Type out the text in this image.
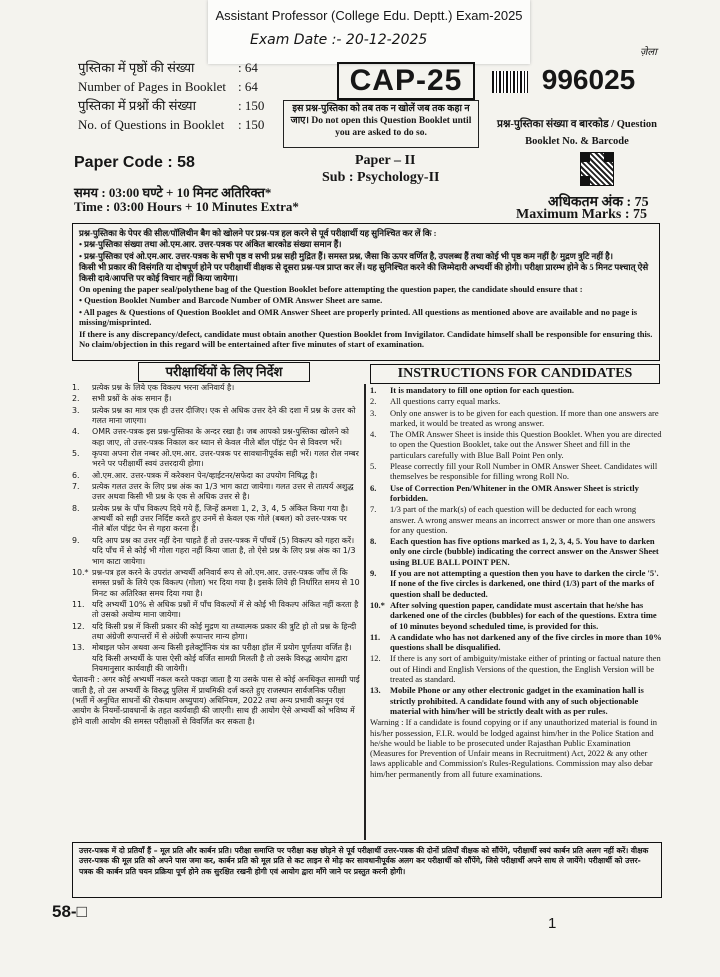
Assistant Professor (College Edu. Deptt.) Exam-2025
Exam Date :- 20-12-2025
ज़ेला
पुस्तिका में पृष्ठों की संख्या	: 64
Number of Pages in Booklet : 64
पुस्तिका में प्रश्नों की संख्या	: 150
No. of Questions in Booklet	: 150
CAP-25
इस प्रश्न-पुस्तिका को तब तक न खोलें जब तक कहा न जाए। Do not open this Question Booklet until you are asked to do so.
996025
प्रश्न-पुस्तिका संख्या व बारकोड / Question Booklet No. & Barcode
Paper Code : 58	Paper – II
Sub : Psychology-II
समय : 03:00 घण्टे + 10 मिनट अतिरिक्त*
Time : 03:00 Hours + 10 Minutes Extra*	अधिकतम अंक : 75
Maximum Marks : 75

प्रश्न-पुस्तिका के पेपर की सील/पॉलिथीन बैग को खोलने पर प्रश्न-पत्र हल करने से पूर्व परीक्षार्थी यह सुनिश्चित कर लें कि :

• प्रश्न-पुस्तिका संख्या तथा ओ.एम.आर. उत्तर-पत्रक पर अंकित बारकोड संख्या समान हैं।

• प्रश्न-पुस्तिका एवं ओ.एम.आर. उत्तर-पत्रक के सभी पृष्ठ व सभी प्रश्न सही मुद्रित हैं। समस्त प्रश्न, जैसा कि ऊपर वर्णित है, उपलब्ध हैं तथा कोई भी पृष्ठ कम नहीं है/ मुद्रण त्रुटि नहीं है।

किसी भी प्रकार की विसंगति या दोषपूर्ण होने पर परीक्षार्थी वीक्षक से दूसरा प्रश्न-पत्र प्राप्त कर लें। यह सुनिश्चित करने की जिम्मेदारी अभ्यर्थी की होगी। परीक्षा प्रारम्भ होने के 5 मिनट पश्चात् ऐसे किसी दावे/आपत्ति पर कोई विचार नहीं किया जायेगा।

On opening the paper seal/polythene bag of the Question Booklet before attempting the question paper, the candidate should ensure that :

• Question Booklet Number and Barcode Number of OMR Answer Sheet are same.

• All pages & Questions of Question Booklet and OMR Answer Sheet are properly printed. All questions as mentioned above are available and no page is missing/misprinted.

If there is any discrepancy/defect, candidate must obtain another Question Booklet from Invigilator. Candidate himself shall be responsible for ensuring this. No claim/objection in this regard will be entertained after five minutes of start of examination.

परीक्षार्थियों के लिए निर्देश	INSTRUCTIONS FOR CANDIDATES
1.	प्रत्येक प्रश्न के लिये एक विकल्प भरना अनिवार्य है।
2.	सभी प्रश्नों के अंक समान हैं।
3.	प्रत्येक प्रश्न का मात्र एक ही उत्तर दीजिए। एक से अधिक उत्तर देने की दशा में प्रश्न के उत्तर को गलत माना जाएगा।
4.	OMR उत्तर-पत्रक इस प्रश्न-पुस्तिका के अन्दर रखा है। जब आपको प्रश्न-पुस्तिका खोलने को कहा जाए, तो उत्तर-पत्रक निकाल कर ध्यान से केवल नीले बॉल पॉइंट पेन से विवरण भरें।
5.	कृपया अपना रोल नम्बर ओ.एम.आर. उत्तर-पत्रक पर सावधानीपूर्वक सही भरें। गलत रोल नम्बर भरने पर परीक्षार्थी स्वयं उत्तरदायी होगा।
6.	ओ.एम.आर. उत्तर-पत्रक में करेक्शन पेन/व्हाईटनर/सफेदा का उपयोग निषिद्ध है।
7.	प्रत्येक गलत उत्तर के लिए प्रश्न अंक का 1/3 भाग काटा जायेगा। गलत उत्तर से तात्पर्य अशुद्ध उत्तर अथवा किसी भी प्रश्न के एक से अधिक उत्तर से है।
8.	प्रत्येक प्रश्न के पाँच विकल्प दिये गये हैं, जिन्हें क्रमशः 1, 2, 3, 4, 5 अंकित किया गया है। अभ्यर्थी को सही उत्तर निर्दिष्ट करते हुए उनमें से केवल एक गोले (बबल) को उत्तर-पत्रक पर नीले बॉल पॉइंट पेन से गहरा करना है।
9.	यदि आप प्रश्न का उत्तर नहीं देना चाहते हैं तो उत्तर-पत्रक में पाँचवें (5) विकल्प को गहरा करें। यदि पाँच में से कोई भी गोला गहरा नहीं किया जाता है, तो ऐसे प्रश्न के लिए प्रश्न अंक का 1/3 भाग काटा जायेगा।
10.* प्रश्न-पत्र हल करने के उपरांत अभ्यर्थी अनिवार्य रूप से ओ.एम.आर. उत्तर-पत्रक जाँच लें कि समस्त प्रश्नों के लिये एक विकल्प (गोला) भर दिया गया है। इसके लिये ही निर्धारित समय से 10 मिनट का अतिरिक्त समय दिया गया है।
11. यदि अभ्यर्थी 10% से अधिक प्रश्नों में पाँच विकल्पों में से कोई भी विकल्प अंकित नहीं करता है तो उसको अयोग्य माना जायेगा।
12. यदि किसी प्रश्न में किसी प्रकार की कोई मुद्रण या तथ्यात्मक प्रकार की त्रुटि हो तो प्रश्न के हिन्दी तथा अंग्रेजी रूपान्तरों में से अंग्रेजी रूपान्तर मान्य होगा।
13. मोबाइल फोन अथवा अन्य किसी इलेक्ट्रॉनिक यंत्र का परीक्षा हॉल में प्रयोग पूर्णतया वर्जित है। यदि किसी अभ्यर्थी के पास ऐसी कोई वर्जित सामग्री मिलती है तो उसके विरुद्ध आयोग द्वारा नियमानुसार कार्यवाही की जायेगी।
चेतावनी : अगर कोई अभ्यर्थी नकल करते पकड़ा जाता है या उसके पास से कोई अनधिकृत सामग्री पाई जाती है, तो उस अभ्यर्थी के विरुद्ध पुलिस में प्राथमिकी दर्ज करते हुए राजस्थान सार्वजनिक परीक्षा (भर्ती में अनुचित साधनों की रोकथाम अध्युपाय) अधिनियम, 2022 तथा अन्य प्रभावी कानून एवं आयोग के नियमों-प्रावधानों के तहत कार्यवाही की जाएगी। साथ ही आयोग ऐसे अभ्यर्थी को भविष्य में होने वाली आयोग की समस्त परीक्षाओं से विवर्जित कर सकता है।
1.	It is mandatory to fill one option for each question.
2.	All questions carry equal marks.
3.	Only one answer is to be given for each question. If more than one answers are marked, it would be treated as wrong answer.
4.	The OMR Answer Sheet is inside this Question Booklet. When you are directed to open the Question Booklet, take out the Answer Sheet and fill in the particulars carefully with Blue Ball Point Pen only.
5.	Please correctly fill your Roll Number in OMR Answer Sheet. Candidates will themselves be responsible for filling wrong Roll No.
6.	Use of Correction Pen/Whitener in the OMR Answer Sheet is strictly forbidden.
7.	1/3 part of the mark(s) of each question will be deducted for each wrong answer. A wrong answer means an incorrect answer or more than one answers for any question.
8.	Each question has five options marked as 1, 2, 3, 4, 5. You have to darken only one circle (bubble) indicating the correct answer on the Answer Sheet using BLUE BALL POINT PEN.
9.	If you are not attempting a question then you have to darken the circle '5'. If none of the five circles is darkened, one third (1/3) part of the marks of question shall be deducted.
10.* After solving question paper, candidate must ascertain that he/she has darkened one of the circles (bubbles) for each of the questions. Extra time of 10 minutes beyond scheduled time, is provided for this.
11.	A candidate who has not darkened any of the five circles in more than 10% questions shall be disqualified.
12.	If there is any sort of ambiguity/mistake either of printing or factual nature then out of Hindi and English Versions of the question, the English Version will be treated as standard.
13.	Mobile Phone or any other electronic gadget in the examination hall is strictly prohibited. A candidate found with any of such objectionable material with him/her will be strictly dealt with as per rules.
Warning : If a candidate is found copying or if any unauthorized material is found in his/her possession, F.I.R. would be lodged against him/her in the Police Station and he/she would be liable to be prosecuted under Rajasthan Public Examination (Measures for Prevention of Unfair means in Recruitment) Act, 2022 & any other laws applicable and Commission's Rules-Regulations. Commission may also debar him/her permanently from all future examinations.
उत्तर-पत्रक में दो प्रतियाँ हैं – मूल प्रति और कार्बन प्रति। परीक्षा समाप्ति पर परीक्षा कक्ष छोड़ने से पूर्व परीक्षार्थी उत्तर-पत्रक की दोनों प्रतियाँ वीक्षक को सौंपेंगे, परीक्षार्थी स्वयं कार्बन प्रति अलग नहीं करें। वीक्षक उत्तर-पत्रक की मूल प्रति को अपने पास जमा कर, कार्बन प्रति को मूल प्रति से कट लाइन से मोड़ कर सावधानीपूर्वक अलग कर परीक्षार्थी को सौंपेंगे, जिसे परीक्षार्थी अपने साथ ले जायेंगे। परीक्षार्थी को उत्तर-पत्रक की कार्बन प्रति चयन प्रक्रिया पूर्ण होने तक सुरक्षित रखनी होगी एवं आयोग द्वारा माँगे जाने पर प्रस्तुत करनी होगी।
58-□
1
